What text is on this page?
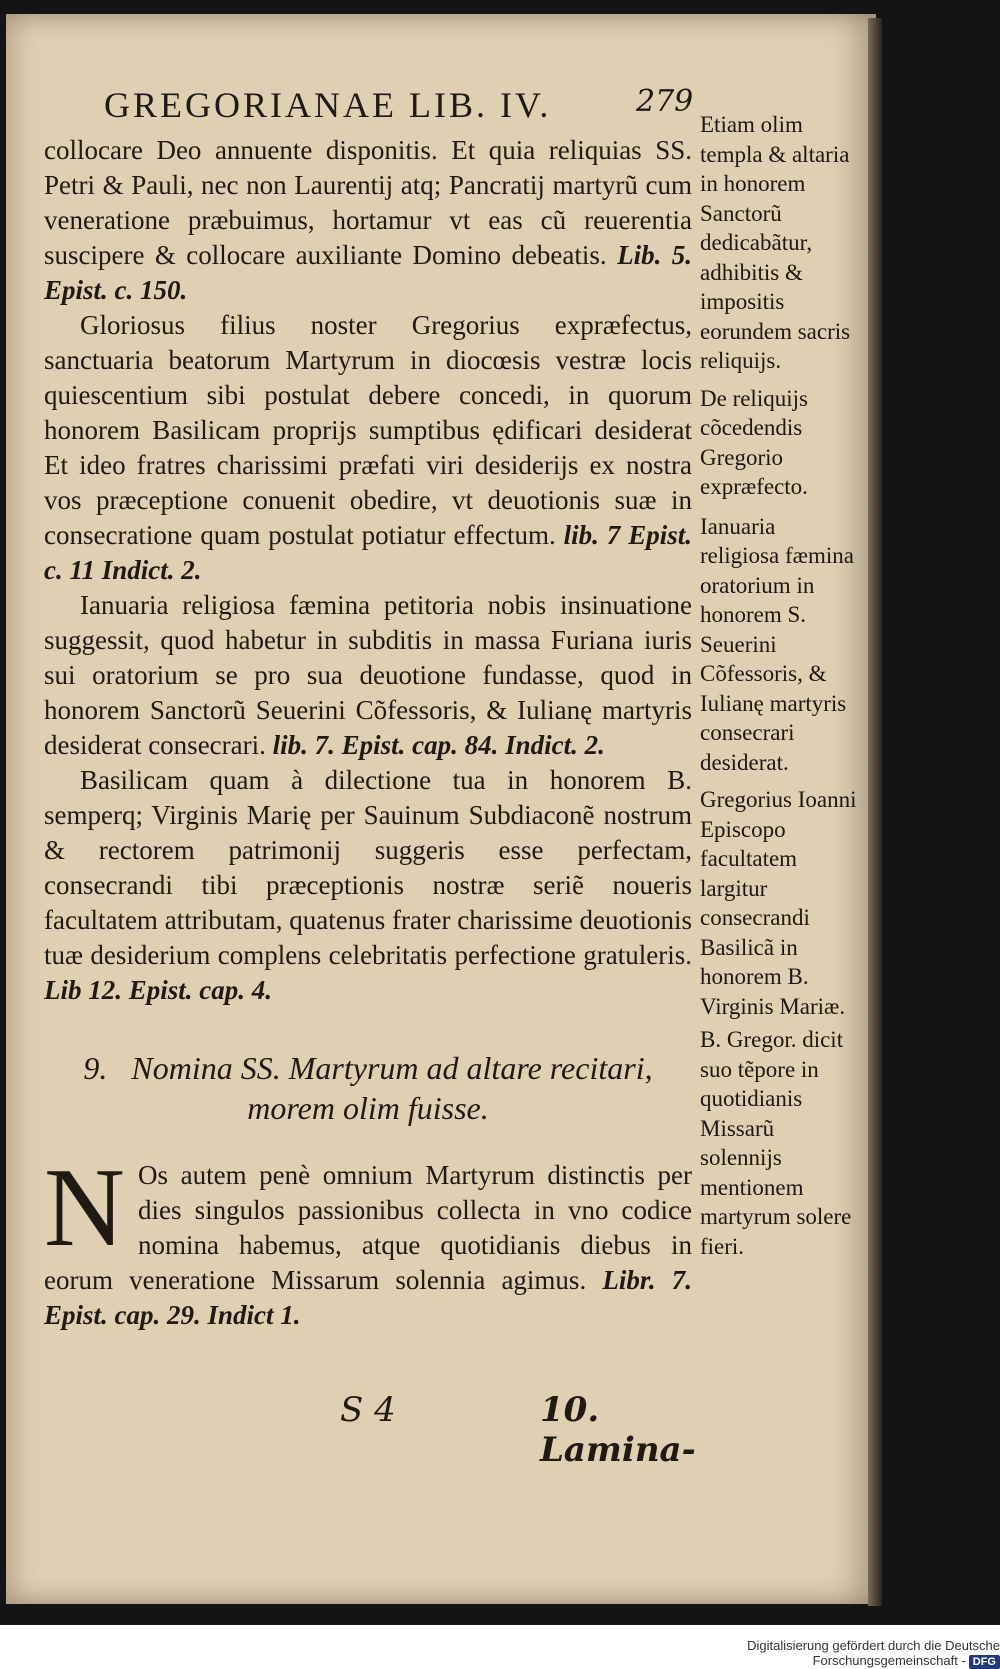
GREGORIANAE LIB. IV.	279

collocare Deo annuente disponitis. Et quia reliquias SS. Petri & Pauli, nec non Laurentij atq; Pancratij martyrũ cum veneratione præbuimus, hortamur vt eas cũ reuerentia suscipere & collocare auxiliante Domino debeatis. Lib. 5. Epist. c. 150.

Gloriosus filius noster Gregorius expræfectus, sanctuaria beatorum Martyrum in diocœsis vestræ locis quiescentium sibi postulat debere concedi, in quorum honorem Basilicam proprijs sumptibus ędificari desiderat Et ideo fratres charissimi præfati viri desiderijs ex nostra vos præceptione conuenit obedire, vt deuotionis suæ in consecratione quam postulat potiatur effectum. lib. 7 Epist. c. 11 Indict. 2.

Ianuaria religiosa fæmina petitoria nobis insinuatione suggessit, quod habetur in subditis in massa Furiana iuris sui oratorium se pro sua deuotione fundasse, quod in honorem Sanctorũ Seuerini Cõfessoris, & Iulianę martyris desiderat consecrari. lib. 7. Epist. cap. 84. Indict. 2.

Basilicam quam à dilectione tua in honorem B. semperq; Virginis Marię per Sauinum Subdiaconẽ nostrum & rectorem patrimonij suggeris esse perfectam, consecrandi tibi præceptionis nostræ seriẽ noueris facultatem attributam, quatenus frater charissime deuotionis tuæ desiderium complens celebritatis perfectione gratuleris. Lib 12. Epist. cap. 4.

9. Nomina SS. Martyrum ad altare recitari, morem olim fuisse.

N Os autem penè omnium Martyrum distinctis per dies singulos passionibus collecta in vno codice nomina habemus, atque quotidianis diebus in eorum veneratione Missarum solennia agimus. Libr. 7. Epist. cap. 29. Indict 1.

S 4	10. Lamina-

Etiam olim templa & altaria in honorem Sanctorũ dedicabãtur, adhibitis & impositis eorundem sacris reliquijs.

De reliquijs cõcedendis Gregorio expræfecto.

Ianuaria religiosa fæmina oratorium in honorem S. Seuerini Cõfessoris, & Iulianę martyris consecrari desiderat.

Gregorius Ioanni Episcopo facultatem largitur consecrandi Basilicã in honorem B. Virginis Mariæ.

B. Gregor. dicit suo tẽpore in quotidianis Missarũ solennijs mentionem martyrum solere fieri.

Digitalisierung gefördert durch die Deutsche Forschungsgemeinschaft - DFG
